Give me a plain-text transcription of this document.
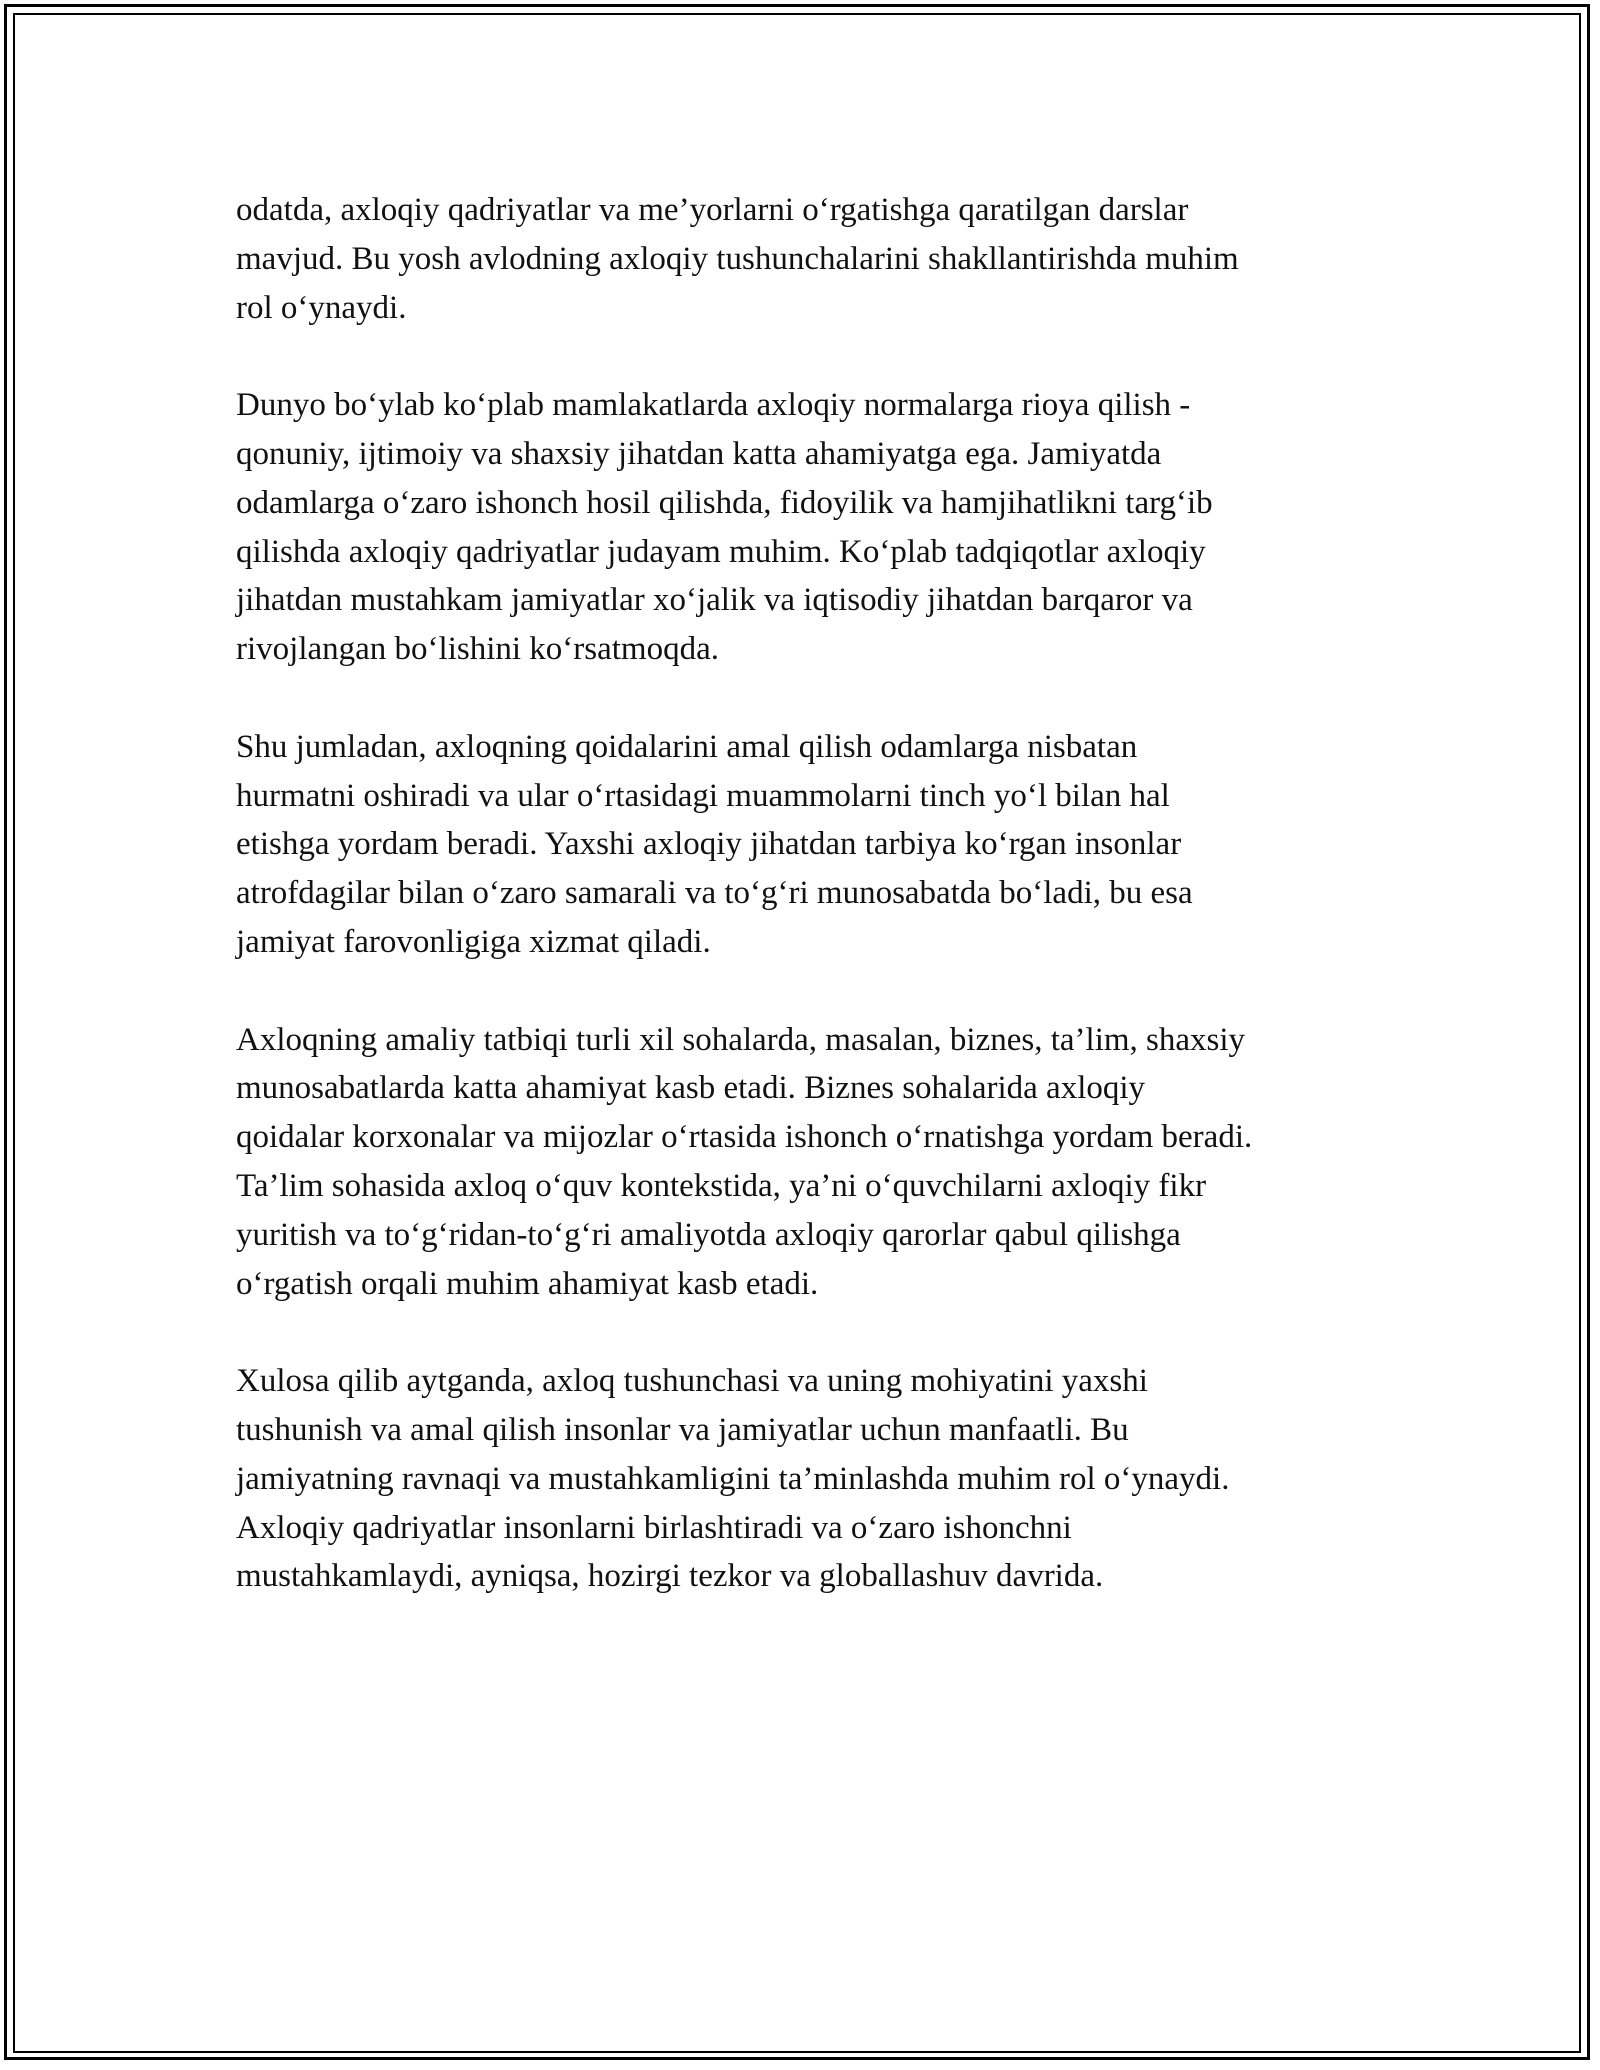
odatda, axloqiy qadriyatlar va me’yorlarni o‘rgatishga qaratilgan darslar
mavjud. Bu yosh avlodning axloqiy tushunchalarini shakllantirishda muhim
rol o‘ynaydi.

Dunyo bo‘ylab ko‘plab mamlakatlarda axloqiy normalarga rioya qilish -
qonuniy, ijtimoiy va shaxsiy jihatdan katta ahamiyatga ega. Jamiyatda
odamlarga o‘zaro ishonch hosil qilishda, fidoyilik va hamjihatlikni targ‘ib
qilishda axloqiy qadriyatlar judayam muhim. Ko‘plab tadqiqotlar axloqiy
jihatdan mustahkam jamiyatlar xo‘jalik va iqtisodiy jihatdan barqaror va
rivojlangan bo‘lishini ko‘rsatmoqda.

Shu jumladan, axloqning qoidalarini amal qilish odamlarga nisbatan
hurmatni oshiradi va ular o‘rtasidagi muammolarni tinch yo‘l bilan hal
etishga yordam beradi. Yaxshi axloqiy jihatdan tarbiya ko‘rgan insonlar
atrofdagilar bilan o‘zaro samarali va to‘g‘ri munosabatda bo‘ladi, bu esa
jamiyat farovonligiga xizmat qiladi.

Axloqning amaliy tatbiqi turli xil sohalarda, masalan, biznes, ta’lim, shaxsiy
munosabatlarda katta ahamiyat kasb etadi. Biznes sohalarida axloqiy
qoidalar korxonalar va mijozlar o‘rtasida ishonch o‘rnatishga yordam beradi.
Ta’lim sohasida axloq o‘quv kontekstida, ya’ni o‘quvchilarni axloqiy fikr
yuritish va to‘g‘ridan-to‘g‘ri amaliyotda axloqiy qarorlar qabul qilishga
o‘rgatish orqali muhim ahamiyat kasb etadi.

Xulosa qilib aytganda, axloq tushunchasi va uning mohiyatini yaxshi
tushunish va amal qilish insonlar va jamiyatlar uchun manfaatli. Bu
jamiyatning ravnaqi va mustahkamligini ta’minlashda muhim rol o‘ynaydi.
Axloqiy qadriyatlar insonlarni birlashtiradi va o‘zaro ishonchni
mustahkamlaydi, ayniqsa, hozirgi tezkor va globallashuv davrida.
